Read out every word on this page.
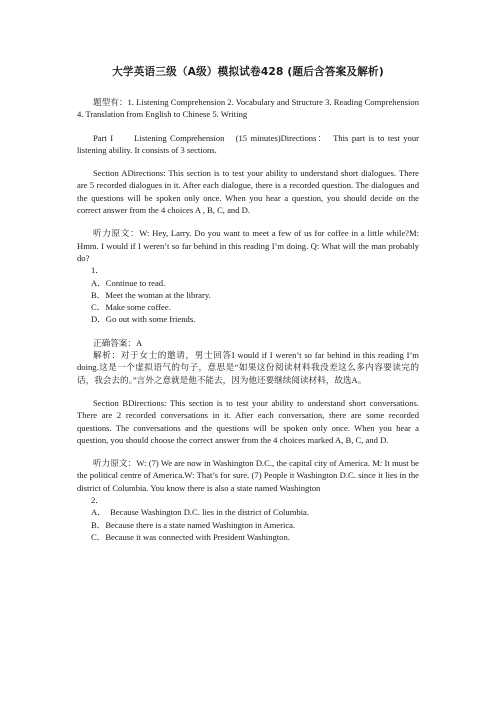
大学英语三级（A级）模拟试卷428 (题后含答案及解析)

题型有：1. Listening Comprehension 2. Vocabulary and Structure 3. Reading Comprehension 4. Translation from English to Chinese 5. Writing

Part I　　Listening Comprehension　(15 minutes)Directions：　This part is to test your listening ability. It consists of 3 sections.

Section ADirections: This section is to test your ability to understand short dialogues. There are 5 recorded dialogues in it. After each dialogue, there is a recorded question. The dialogues and the questions will be spoken only once. When you hear a question, you should decide on the correct answer from the 4 choices A , B, C, and D.

听力原文：W: Hey, Larry. Do you want to meet a few of us for coffee in a little while?M: Hmm. I would if I weren’t so far behind in this reading I’m doing. Q: What will the man probably do?

1．

A．Continue to read.

B．Meet the woman at the library.

C．Make some coffee.

D．Go out with some friends.

正确答案：A

解析：对于女士的邀请，男士回答I would if I weren’t so far behind in this reading I’m doing.这是一个虚拟语气的句子，意思是“如果这份阅读材料我没差这么多内容要读完的话，我会去的。”言外之意就是他不能去，因为他还要继续阅读材料，故选A。

Section BDirections: This section is to test your ability to understand short conversations. There are 2 recorded conversations in it. After each conversation, there are some recorded questions. The conversations and the questions will be spoken only once. When you hear a question, you should choose the correct answer from the 4 choices marked A, B, C, and D.

听力原文：W: (7) We are now in Washington D.C., the capital city of America. M: It must be the political centre of America.W: That’s for sure. (7) People it Washington D.C. since it lies in the district of Columbia. You know there is also a state named Washington

2．

A．　Because Washington D.C. lies in the district of Columbia.

B．Because there is a state named Washington in America.

C．Because it was connected with President Washington.
